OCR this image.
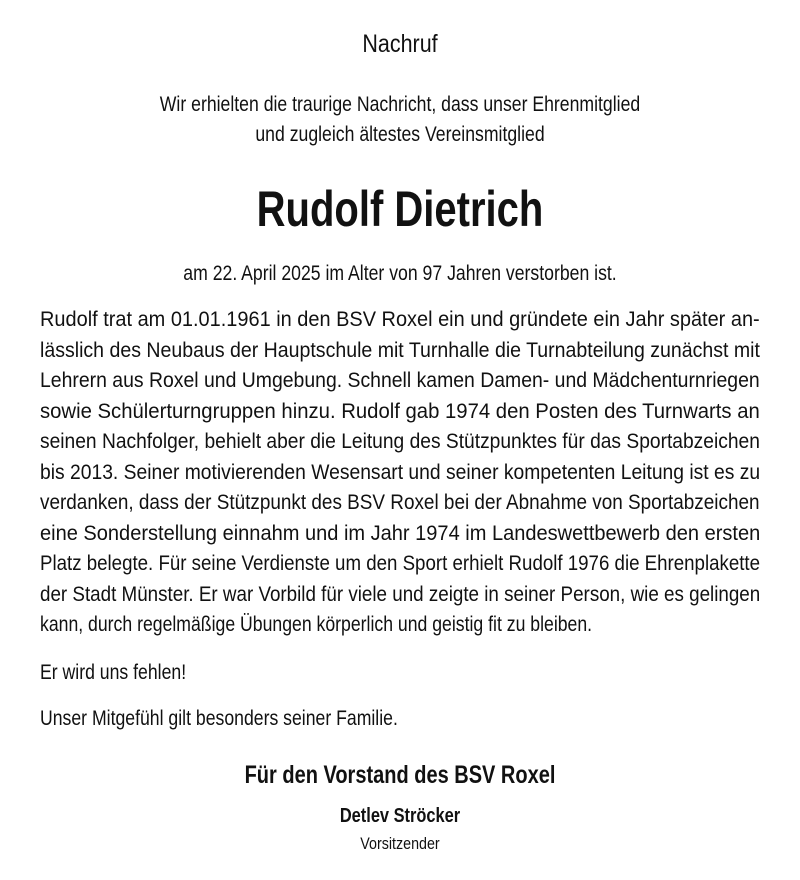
Nachruf
Wir erhielten die traurige Nachricht, dass unser Ehrenmitglied
und zugleich ältestes Vereinsmitglied
Rudolf Dietrich
am 22. April 2025 im Alter von 97 Jahren verstorben ist.
Rudolf trat am 01.01.1961 in den BSV Roxel ein und gründete ein Jahr später an-
lässlich des Neubaus der Hauptschule mit Turnhalle die Turnabteilung zunächst mit
Lehrern aus Roxel und Umgebung. Schnell kamen Damen- und Mädchenturnriegen
sowie Schülerturngruppen hinzu. Rudolf gab 1974 den Posten des Turnwarts an
seinen Nachfolger, behielt aber die Leitung des Stützpunktes für das Sportabzeichen
bis 2013. Seiner motivierenden Wesensart und seiner kompetenten Leitung ist es zu
verdanken, dass der Stützpunkt des BSV Roxel bei der Abnahme von Sportabzeichen
eine Sonderstellung einnahm und im Jahr 1974 im Landeswettbewerb den ersten
Platz belegte. Für seine Verdienste um den Sport erhielt Rudolf 1976 die Ehrenplakette
der Stadt Münster. Er war Vorbild für viele und zeigte in seiner Person, wie es gelingen
kann, durch regelmäßige Übungen körperlich und geistig fit zu bleiben.
Er wird uns fehlen!
Unser Mitgefühl gilt besonders seiner Familie.
Für den Vorstand des BSV Roxel
Detlev Ströcker
Vorsitzender
